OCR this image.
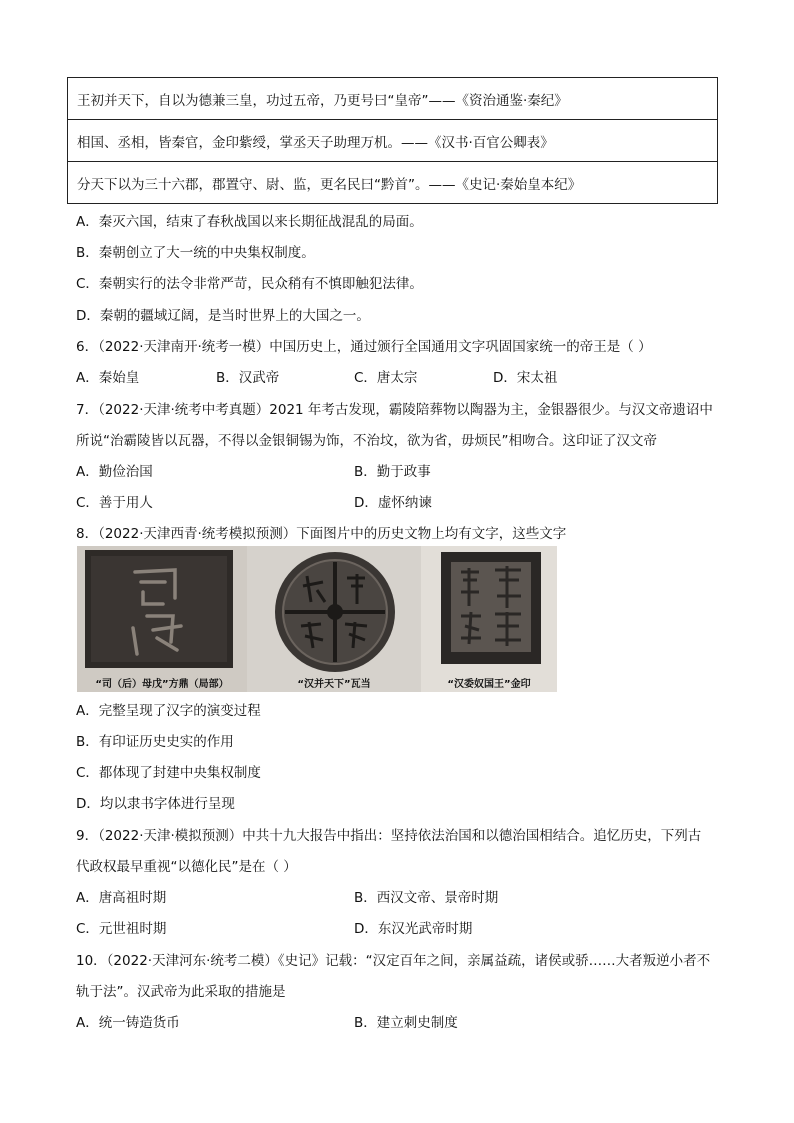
王初并天下，自以为德兼三皇，功过五帝，乃更号曰“皇帝”——《资治通鉴·秦纪》
相国、丞相，皆秦官，金印紫绶，掌丞天子助理万机。——《汉书·百官公卿表》
分天下以为三十六郡，郡置守、尉、监，更名民曰“黔首”。——《史记·秦始皇本纪》
A．秦灭六国，结束了春秋战国以来长期征战混乱的局面。
B．秦朝创立了大一统的中央集权制度。
C．秦朝实行的法令非常严苛，民众稍有不慎即触犯法律。
D．秦朝的疆域辽阔，是当时世界上的大国之一。
6．（2022·天津南开·统考一模）中国历史上，通过颁行全国通用文字巩固国家统一的帝王是（ ）
A．秦始皇	B．汉武帝	C．唐太宗	D．宋太祖
7．（2022·天津·统考中考真题）2021 年考古发现，霸陵陪葬物以陶器为主，金银器很少。与汉文帝遗诏中
所说“治霸陵皆以瓦器，不得以金银铜锡为饰，不治坟，欲为省，毋烦民”相吻合。这印证了汉文帝
A．勤俭治国	B．勤于政事
C．善于用人	D．虚怀纳谏
8．（2022·天津西青·统考模拟预测）下面图片中的历史文物上均有文字，这些文字
“司（后）母戊”方鼎（局部）	“汉并天下”瓦当	“汉委奴国王”金印
A．完整呈现了汉字的演变过程
B．有印证历史史实的作用
C．都体现了封建中央集权制度
D．均以隶书字体进行呈现
9．（2022·天津·模拟预测）中共十九大报告中指出：坚持依法治国和以德治国相结合。追忆历史，下列古
代政权最早重视“以德化民”是在（ ）
A．唐高祖时期	B．西汉文帝、景帝时期
C．元世祖时期	D．东汉光武帝时期
10．（2022·天津河东·统考二模）《史记》记载：“汉定百年之间，亲属益疏，诸侯或骄……大者叛逆小者不
轨于法”。汉武帝为此采取的措施是
A．统一铸造货币	B．建立刺史制度
